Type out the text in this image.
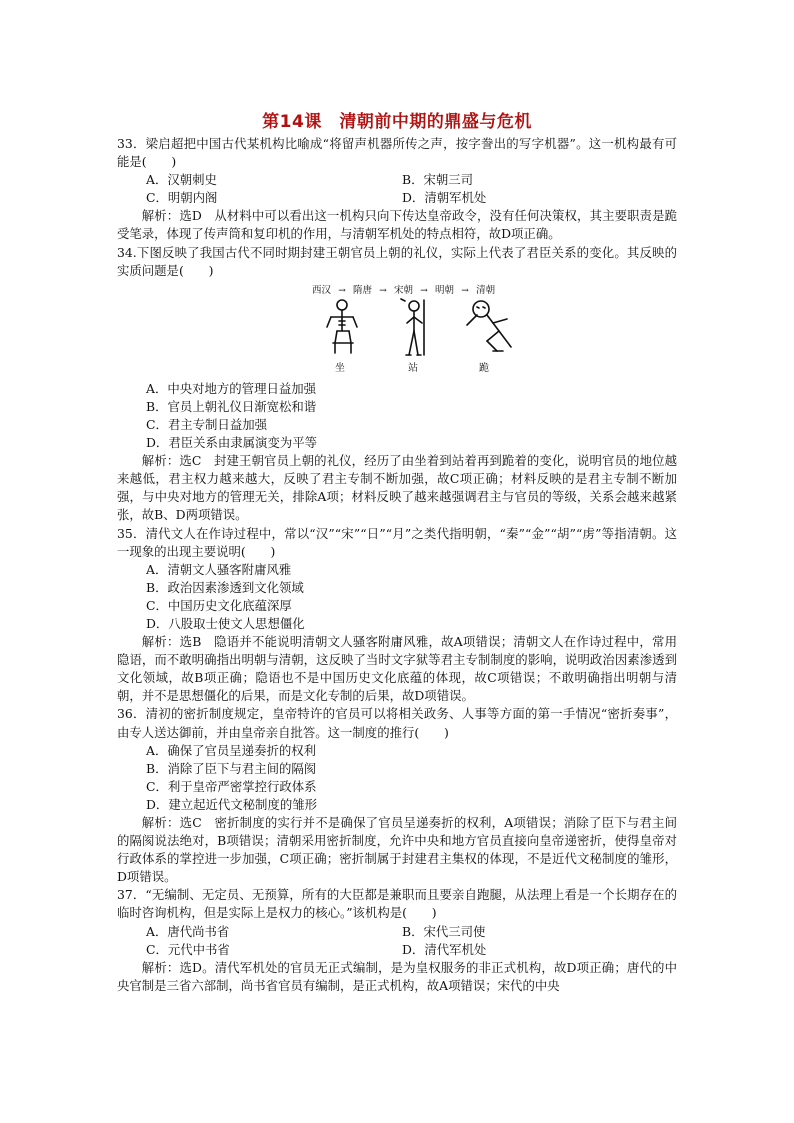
第14课　清朝前中期的鼎盛与危机

33．梁启超把中国古代某机构比喻成“将留声机器所传之声，按字誊出的写字机器”。这一机构最有可能是(　　)

A．汉朝刺史	B．宋朝三司
C．明朝内阁	D．清朝军机处

解析：选D　从材料中可以看出这一机构只向下传达皇帝政令，没有任何决策权，其主要职责是跪受笔录，体现了传声筒和复印机的作用，与清朝军机处的特点相符，故D项正确。

34.下图反映了我国古代不同时期封建王朝官员上朝的礼仪，实际上代表了君臣关系的变化。其反映的实质问题是(　　)

西汉 → 隋唐 → 宋朝 → 明朝 → 清朝
坐	站	跪

A．中央对地方的管理日益加强

B．官员上朝礼仪日渐宽松和谐

C．君主专制日益加强

D．君臣关系由隶属演变为平等

解析：选C　封建王朝官员上朝的礼仪，经历了由坐着到站着再到跪着的变化，说明官员的地位越来越低，君主权力越来越大，反映了君主专制不断加强，故C项正确；材料反映的是君主专制不断加强，与中央对地方的管理无关，排除A项；材料反映了越来越强调君主与官员的等级，关系会越来越紧张，故B、D两项错误。

35．清代文人在作诗过程中，常以“汉”“宋”“日”“月”之类代指明朝，“秦”“金”“胡”“虏”等指清朝。这一现象的出现主要说明(　　)

A．清朝文人骚客附庸风雅

B．政治因素渗透到文化领域

C．中国历史文化底蕴深厚

D．八股取士使文人思想僵化

解析：选B　隐语并不能说明清朝文人骚客附庸风雅，故A项错误；清朝文人在作诗过程中，常用隐语，而不敢明确指出明朝与清朝，这反映了当时文字狱等君主专制制度的影响，说明政治因素渗透到文化领域，故B项正确；隐语也不是中国历史文化底蕴的体现，故C项错误；不敢明确指出明朝与清朝，并不是思想僵化的后果，而是文化专制的后果，故D项错误。

36．清初的密折制度规定，皇帝特许的官员可以将相关政务、人事等方面的第一手情况“密折奏事”，由专人送达御前，并由皇帝亲自批答。这一制度的推行(　　)

A．确保了官员呈递奏折的权利

B．消除了臣下与君主间的隔阂

C．利于皇帝严密掌控行政体系

D．建立起近代文秘制度的雏形

解析：选C　密折制度的实行并不是确保了官员呈递奏折的权利，A项错误；消除了臣下与君主间的隔阂说法绝对，B项错误；清朝采用密折制度，允许中央和地方官员直接向皇帝递密折，使得皇帝对行政体系的掌控进一步加强，C项正确；密折制属于封建君主集权的体现，不是近代文秘制度的雏形，D项错误。

37．“无编制、无定员、无预算，所有的大臣都是兼职而且要亲自跑腿，从法理上看是一个长期存在的临时咨询机构，但是实际上是权力的核心。”该机构是(　　)

A．唐代尚书省	B．宋代三司使
C．元代中书省	D．清代军机处

解析：选D。清代军机处的官员无正式编制，是为皇权服务的非正式机构，故D项正确；唐代的中央官制是三省六部制，尚书省官员有编制，是正式机构，故A项错误；宋代的中央
